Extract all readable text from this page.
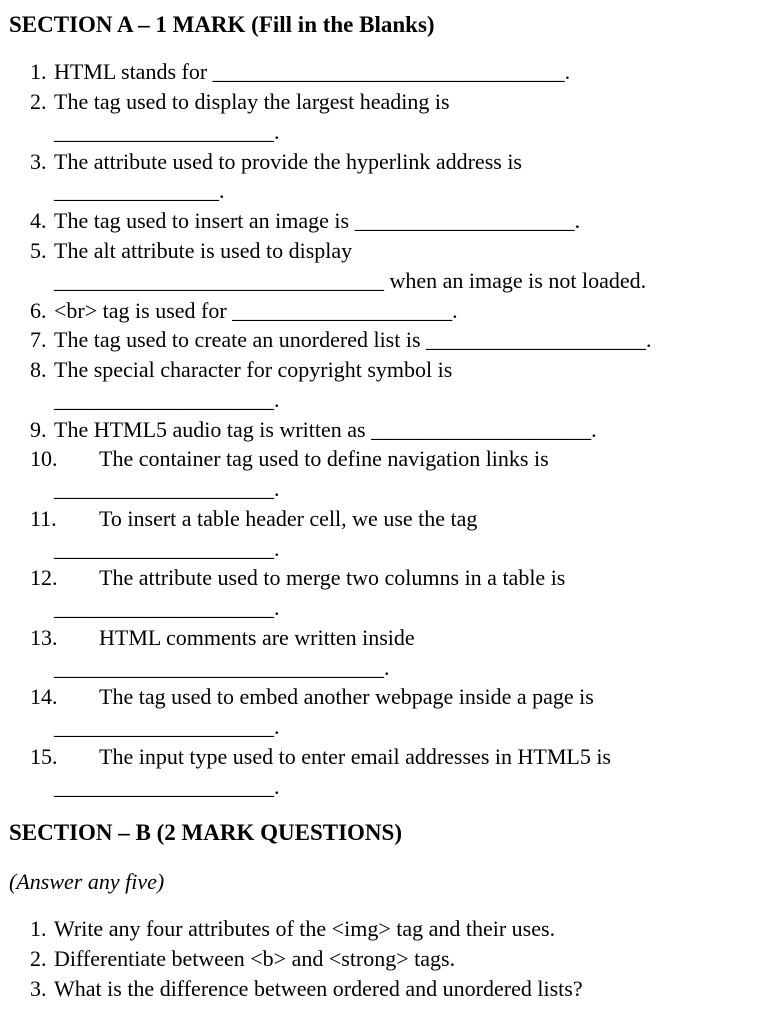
SECTION A – 1 MARK (Fill in the Blanks)
1. HTML stands for ________________________________.
2. The tag used to display the largest heading is
____________________.
3. The attribute used to provide the hyperlink address is
_______________.
4. The tag used to insert an image is ____________________.
5. The alt attribute is used to display
______________________________ when an image is not loaded.
6. <br> tag is used for ____________________.
7. The tag used to create an unordered list is ____________________.
8. The special character for copyright symbol is
____________________.
9. The HTML5 audio tag is written as ____________________.
10. The container tag used to define navigation links is
____________________.
11. To insert a table header cell, we use the tag
____________________.
12. The attribute used to merge two columns in a table is
____________________.
13. HTML comments are written inside
______________________________.
14. The tag used to embed another webpage inside a page is
____________________.
15. The input type used to enter email addresses in HTML5 is
____________________.
SECTION – B (2 MARK QUESTIONS)
(Answer any five)
1. Write any four attributes of the <img> tag and their uses.
2. Differentiate between <b> and <strong> tags.
3. What is the difference between ordered and unordered lists?
